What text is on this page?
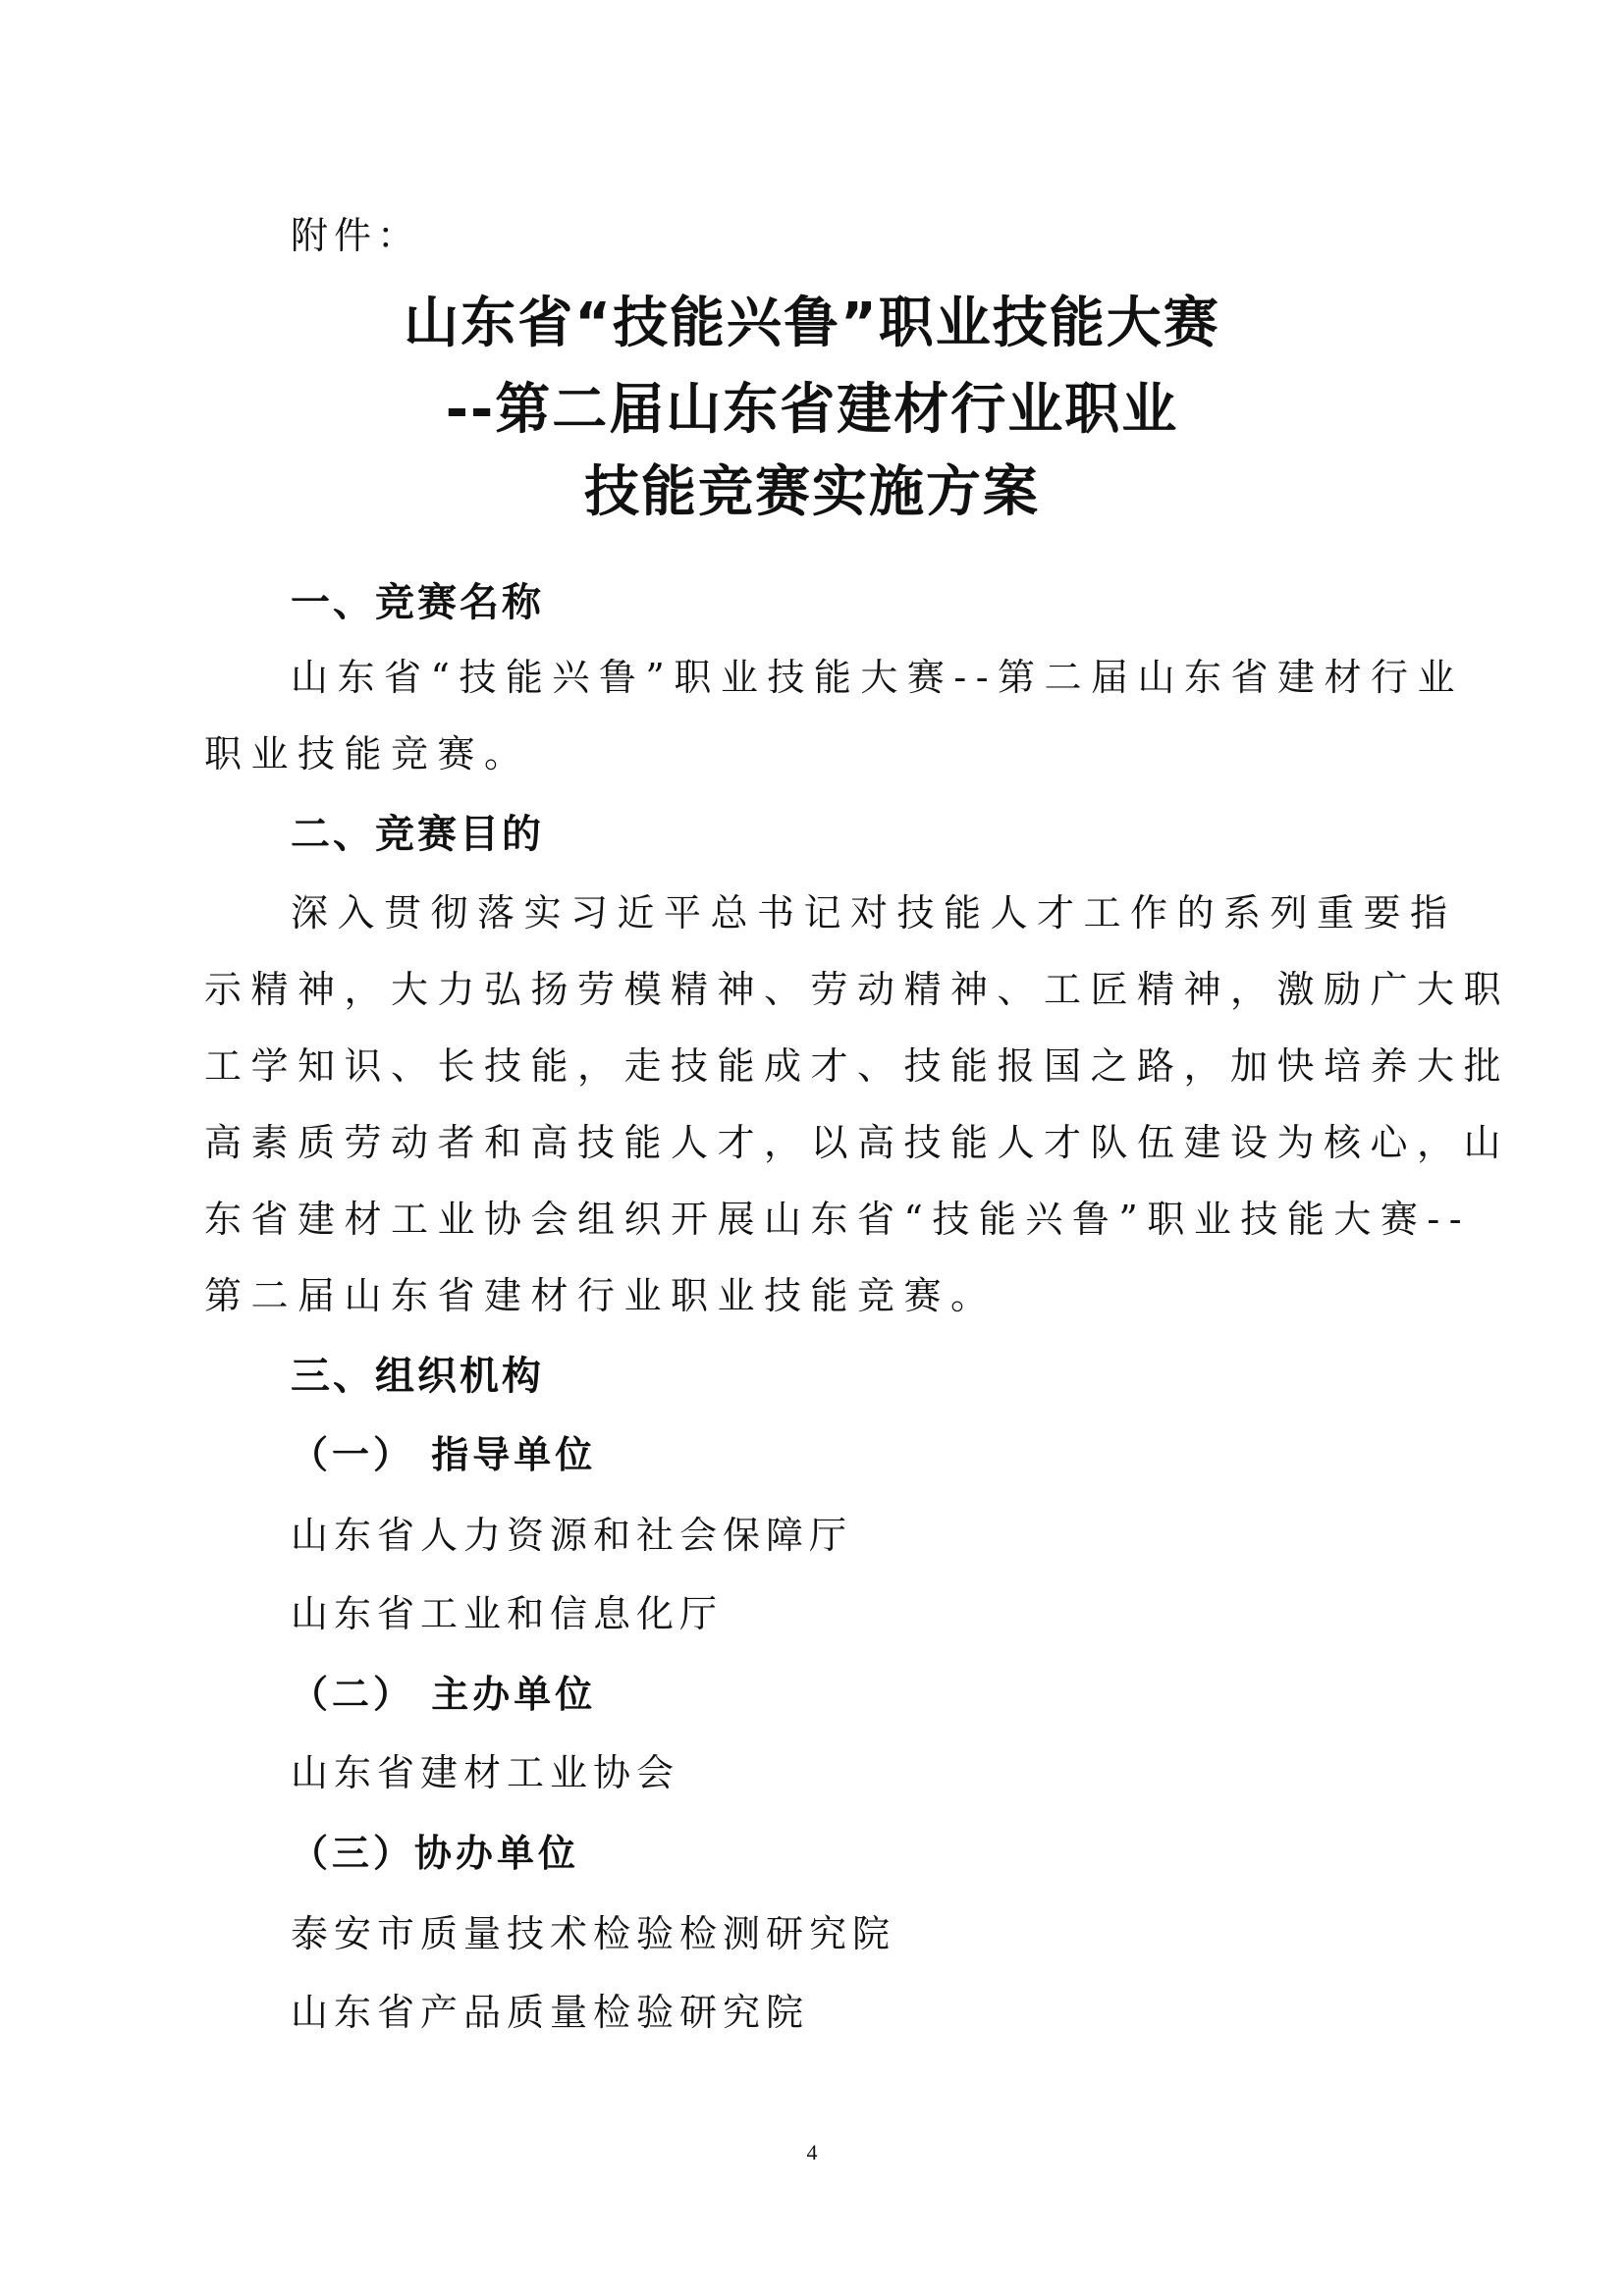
附件：
山东省“技能兴鲁”职业技能大赛
--第二届山东省建材行业职业
技能竞赛实施方案
一、竞赛名称
山东省“技能兴鲁”职业技能大赛--第二届山东省建材行业
职业技能竞赛。
二、竞赛目的
深入贯彻落实习近平总书记对技能人才工作的系列重要指
示精神，大力弘扬劳模精神、劳动精神、工匠精神，激励广大职
工学知识、长技能，走技能成才、技能报国之路，加快培养大批
高素质劳动者和高技能人才，以高技能人才队伍建设为核心，山
东省建材工业协会组织开展山东省“技能兴鲁”职业技能大赛--
第二届山东省建材行业职业技能竞赛。
三、组织机构
（一） 指导单位
山东省人力资源和社会保障厅
山东省工业和信息化厅
（二） 主办单位
山东省建材工业协会
（三）协办单位
泰安市质量技术检验检测研究院
山东省产品质量检验研究院
4
